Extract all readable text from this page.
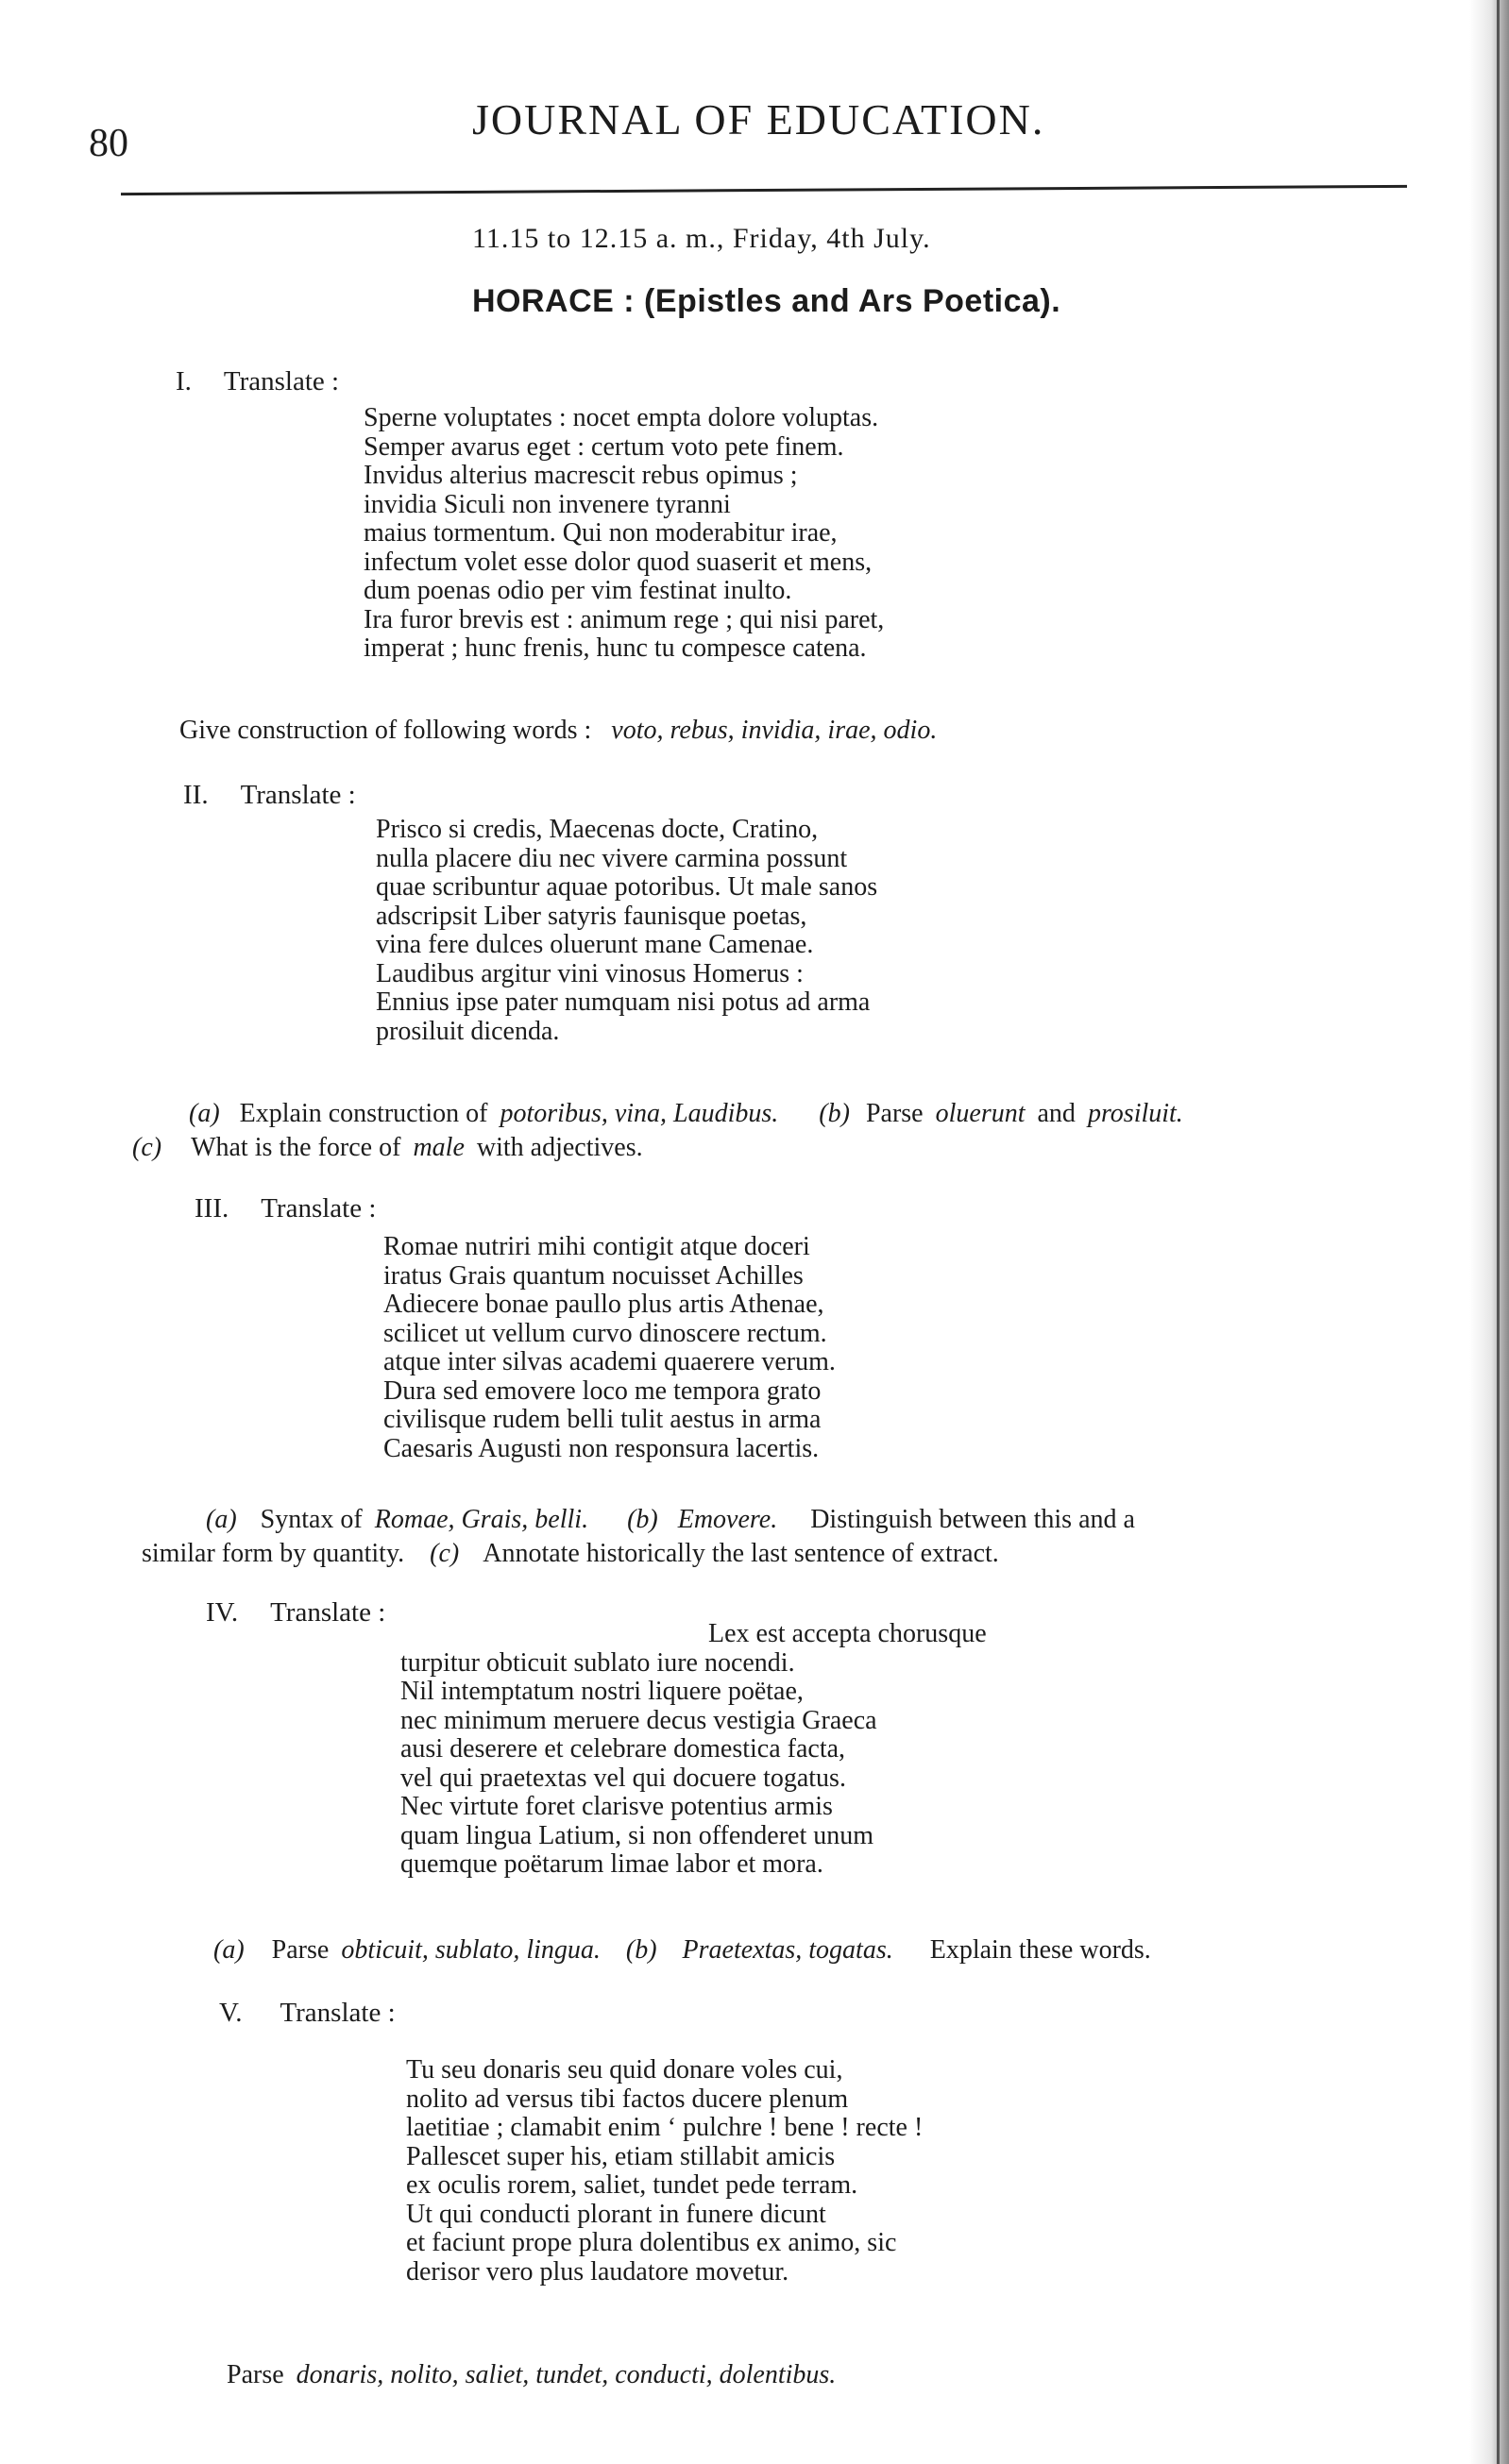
80	JOURNAL OF EDUCATION.
11.15 to 12.15 a. m., Friday, 4th July.
HORACE : (Epistles and Ars Poetica).
I. Translate :
Sperne voluptates : nocet empta dolore voluptas.
Semper avarus eget : certum voto pete finem.
Invidus alterius macrescit rebus opimus ;
invidia Siculi non invenere tyranni
maius tormentum. Qui non moderabitur irae,
infectum volet esse dolor quod suaserit et mens,
dum poenas odio per vim festinat inulto.
Ira furor brevis est : animum rege ; qui nisi paret,
imperat ; hunc frenis, hunc tu compesce catena.
Give construction of following words : voto, rebus, invidia, irae, odio.
II. Translate :
Prisco si credis, Maecenas docte, Cratino,
nulla placere diu nec vivere carmina possunt
quae scribuntur aquae potoribus. Ut male sanos
adscripsit Liber satyris faunisque poetas,
vina fere dulces oluerunt mane Camenae.
Laudibus argitur vini vinosus Homerus :
Ennius ipse pater numquam nisi potus ad arma
prosiluit dicenda.
(a) Explain construction of potoribus, vina, Laudibus. (b) Parse oluerunt and prosiluit.
(c) What is the force of male with adjectives.
III. Translate :
Romae nutriri mihi contigit atque doceri
iratus Grais quantum nocuisset Achilles
Adiecere bonae paullo plus artis Athenae,
scilicet ut vellum curvo dinoscere rectum.
atque inter silvas academi quaerere verum.
Dura sed emovere loco me tempora grato
civilisque rudem belli tulit aestus in arma
Caesaris Augusti non responsura lacertis.
(a) Syntax of Romae, Grais, belli. (b) Emovere. Distinguish between this and a
similar form by quantity. (c) Annotate historically the last sentence of extract.
IV. Translate :
Lex est accepta chorusque
turpitur obticuit sublato iure nocendi.
Nil intemptatum nostri liquere poëtae,
nec minimum meruere decus vestigia Graeca
ausi deserere et celebrare domestica facta,
vel qui praetextas vel qui docuere togatus.
Nec virtute foret clarisve potentius armis
quam lingua Latium, si non offenderet unum
quemque poëtarum limae labor et mora.
(a) Parse obticuit, sublato, lingua. (b) Praetextas, togatas. Explain these words.
V. Translate :
Tu seu donaris seu quid donare voles cui,
nolito ad versus tibi factos ducere plenum
laetitiae ; clamabit enim ‘ pulchre ! bene ! recte !
Pallescet super his, etiam stillabit amicis
ex oculis rorem, saliet, tundet pede terram.
Ut qui conducti plorant in funere dicunt
et faciunt prope plura dolentibus ex animo, sic
derisor vero plus laudatore movetur.
Parse donaris, nolito, saliet, tundet, conducti, dolentibus.
